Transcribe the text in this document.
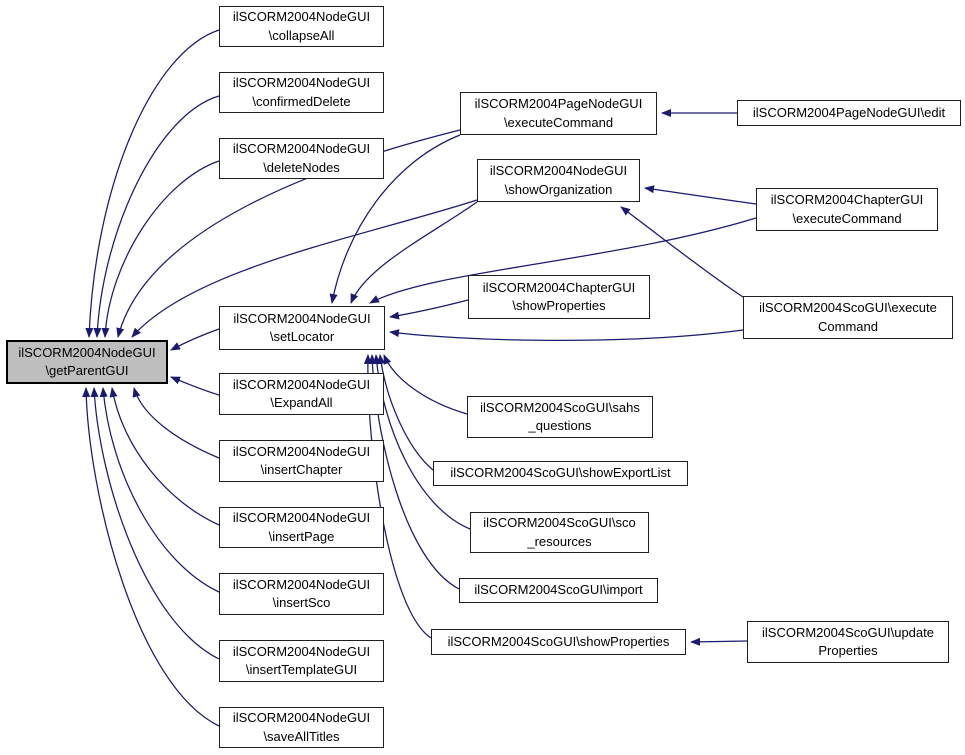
ilSCORM2004NodeGUI
\getParentGUI
ilSCORM2004NodeGUI
\collapseAll
ilSCORM2004NodeGUI
\confirmedDelete
ilSCORM2004NodeGUI
\deleteNodes
ilSCORM2004NodeGUI
\setLocator
ilSCORM2004NodeGUI
\ExpandAll
ilSCORM2004NodeGUI
\insertChapter
ilSCORM2004NodeGUI
\insertPage
ilSCORM2004NodeGUI
\insertSco
ilSCORM2004NodeGUI
\insertTemplateGUI
ilSCORM2004NodeGUI
\saveAllTitles
ilSCORM2004PageNodeGUI
\executeCommand
ilSCORM2004NodeGUI
\showOrganization
ilSCORM2004ChapterGUI
\showProperties
ilSCORM2004ScoGUI\sahs
_questions
ilSCORM2004ScoGUI\showExportList
ilSCORM2004ScoGUI\sco
_resources
ilSCORM2004ScoGUI\import
ilSCORM2004ScoGUI\showProperties
ilSCORM2004PageNodeGUI\edit
ilSCORM2004ChapterGUI
\executeCommand
ilSCORM2004ScoGUI\execute
Command
ilSCORM2004ScoGUI\update
Properties
